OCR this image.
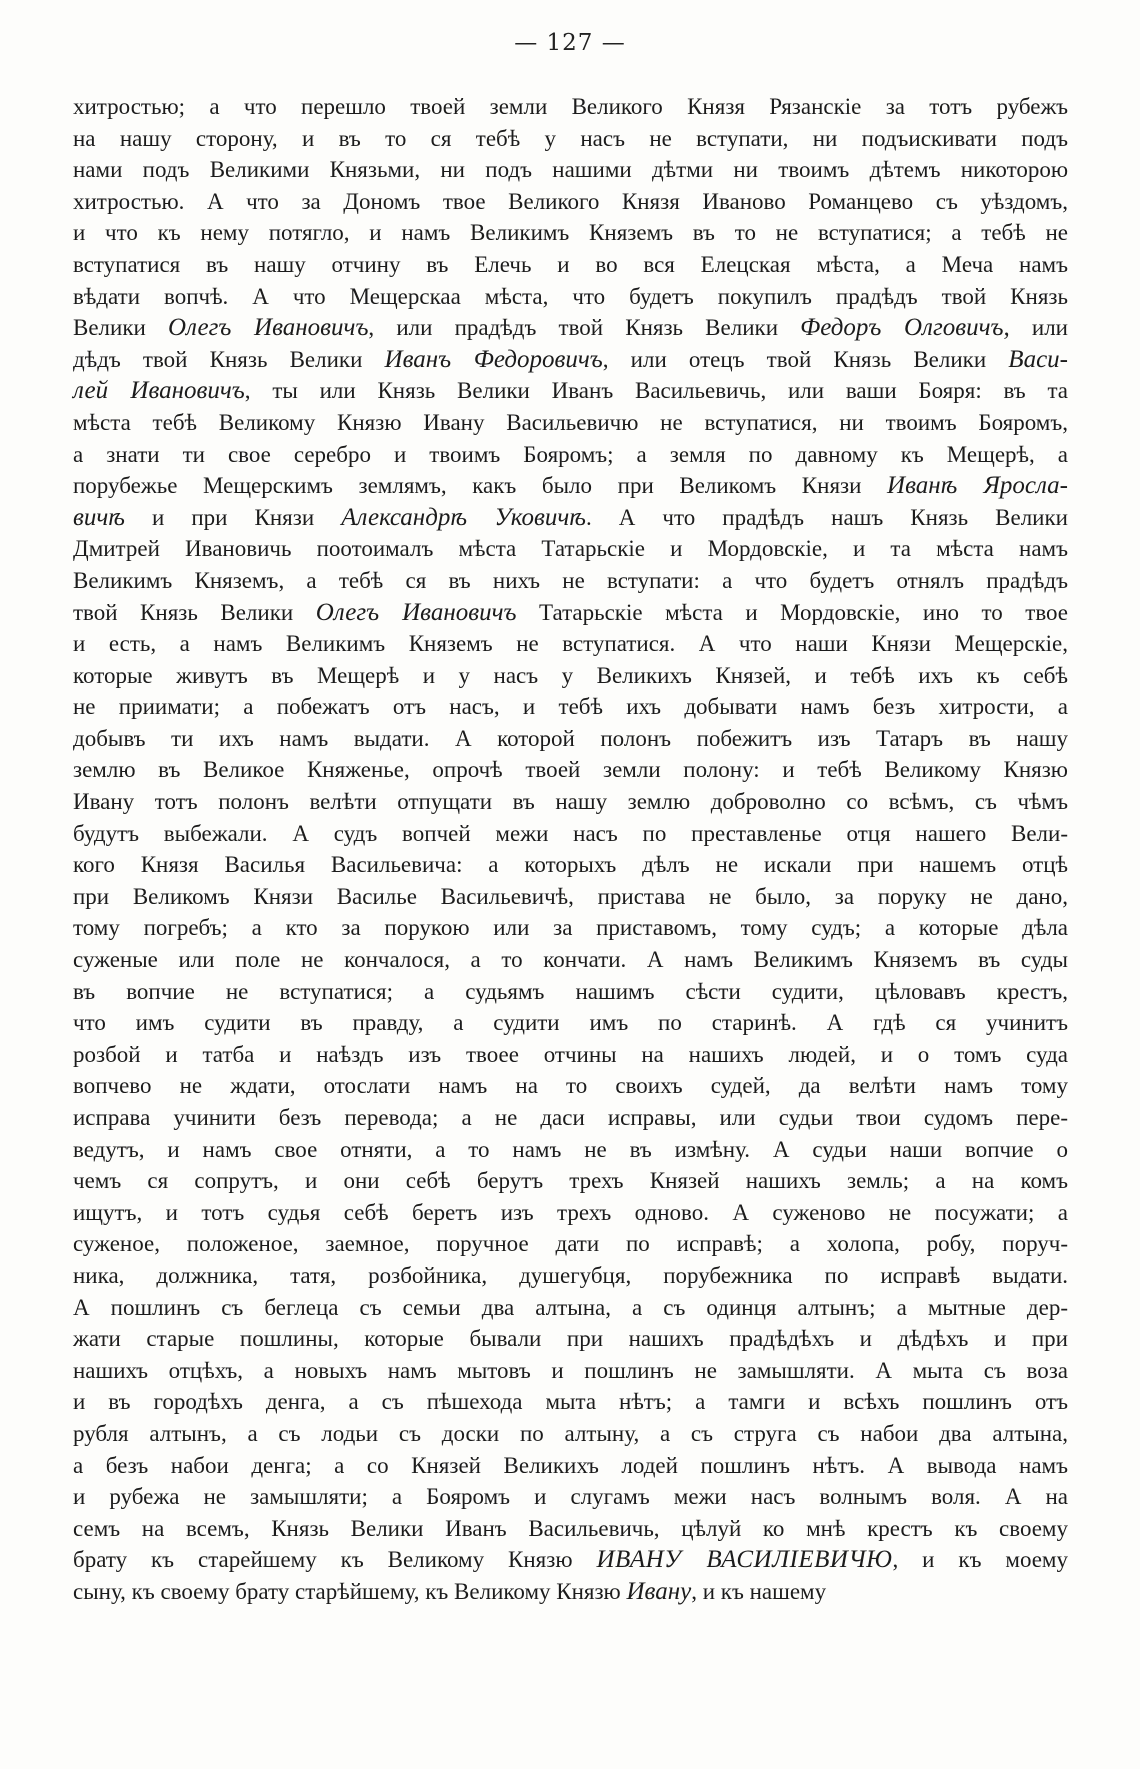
— 127 —
хитростью; а что перешло твоей земли Великого Князя Рязанскіе за тотъ рубежъ
на нашу сторону, и въ то ся тебѣ у насъ не вступати, ни подъискивати подъ
нами подъ Великими Князьми, ни подъ нашими дѣтми ни твоимъ дѣтемъ никоторою
хитростью. А что за Дономъ твое Великого Князя Иваново Романцево съ уѣздомъ,
и что къ нему потягло, и намъ Великимъ Княземъ въ то не вступатися; а тебѣ не
вступатися въ нашу отчину въ Елечь и во вся Елецская мѣста, а Меча намъ
вѣдати вопчѣ. А что Мещерскаа мѣста, что будетъ покупилъ прадѣдъ твой Князь
Велики Олегъ Ивановичъ, или прадѣдъ твой Князь Велики Федоръ Олговичъ, или
дѣдъ твой Князь Велики Иванъ Федоровичъ, или отецъ твой Князь Велики Васи-
лей Ивановичъ, ты или Князь Велики Иванъ Васильевичь, или ваши Бояря: въ та
мѣста тебѣ Великому Князю Ивану Васильевичю не вступатися, ни твоимъ Бояромъ,
а знати ти свое серебро и твоимъ Бояромъ; а земля по давному къ Мещерѣ, а
порубежье Мещерскимъ землямъ, какъ было при Великомъ Князи Иванѣ Яросла-
вичѣ и при Князи Александрѣ Уковичѣ. А что прадѣдъ нашъ Князь Велики
Дмитрей Ивановичь поотоималъ мѣста Татарьскіе и Мордовскіе, и та мѣста намъ
Великимъ Княземъ, а тебѣ ся въ нихъ не вступати: а что будетъ отнялъ прадѣдъ
твой Князь Велики Олегъ Ивановичъ Татарьскіе мѣста и Мордовскіе, ино то твое
и есть, а намъ Великимъ Княземъ не вступатися. А что наши Князи Мещерскіе,
которые живутъ въ Мещерѣ и у насъ у Великихъ Князей, и тебѣ ихъ къ себѣ
не приимати; а побежатъ отъ насъ, и тебѣ ихъ добывати намъ безъ хитрости, а
добывъ ти ихъ намъ выдати. А которой полонъ побежитъ изъ Татаръ въ нашу
землю въ Великое Княженье, опрочѣ твоей земли полону: и тебѣ Великому Князю
Ивану тотъ полонъ велѣти отпущати въ нашу землю доброволно со всѣмъ, съ чѣмъ
будутъ выбежали. А судъ вопчей межи насъ по преставленье отця нашего Вели-
кого Князя Василья Васильевича: а которыхъ дѣлъ не искали при нашемъ отцѣ
при Великомъ Князи Василье Васильевичѣ, пристава не было, за поруку не дано,
тому погребъ; а кто за порукою или за приставомъ, тому судъ; а которые дѣла
суженые или поле не кончалося, а то кончати. А намъ Великимъ Княземъ въ суды
въ вопчие не вступатися; а судьямъ нашимъ сѣсти судити, цѣловавъ крестъ,
что имъ судити въ правду, а судити имъ по старинѣ. А гдѣ ся учинитъ
розбой и татба и наѣздъ изъ твоее отчины на нашихъ людей, и о томъ суда
вопчево не ждати, отослати намъ на то своихъ судей, да велѣти намъ тому
исправа учинити безъ перевода; а не даси исправы, или судьи твои судомъ пере-
ведутъ, и намъ свое отняти, а то намъ не въ измѣну. А судьи наши вопчие о
чемъ ся сопрутъ, и они себѣ берутъ трехъ Князей нашихъ земль; а на комъ
ищутъ, и тотъ судья себѣ беретъ изъ трехъ одново. А суженово не посужати; а
суженое, положеное, заемное, поручное дати по исправѣ; а холопа, робу, поруч-
ника, должника, татя, розбойника, душегубця, порубежника по исправѣ выдати.
А пошлинъ съ беглеца съ семьи два алтына, а съ одинця алтынъ; а мытные дер-
жати старые пошлины, которые бывали при нашихъ прадѣдѣхъ и дѣдѣхъ и при
нашихъ отцѣхъ, а новыхъ намъ мытовъ и пошлинъ не замышляти. А мыта съ воза
и въ городѣхъ денга, а съ пѣшехода мыта нѣтъ; а тамги и всѣхъ пошлинъ отъ
рубля алтынъ, а съ лодьи съ доски по алтыну, а съ струга съ набои два алтына,
а безъ набои денга; а со Князей Великихъ лодей пошлинъ нѣтъ. А вывода намъ
и рубежа не замышляти; а Бояромъ и слугамъ межи насъ волнымъ воля. А на
семъ на всемъ, Князь Велики Иванъ Васильевичь, цѣлуй ко мнѣ крестъ къ своему
брату къ старейшему къ Великому Князю ИВАНУ ВАСИЛІЕВИЧЮ, и къ моему
сыну, къ своему брату старѣйшему, къ Великому Князю Ивану, и къ нашему
